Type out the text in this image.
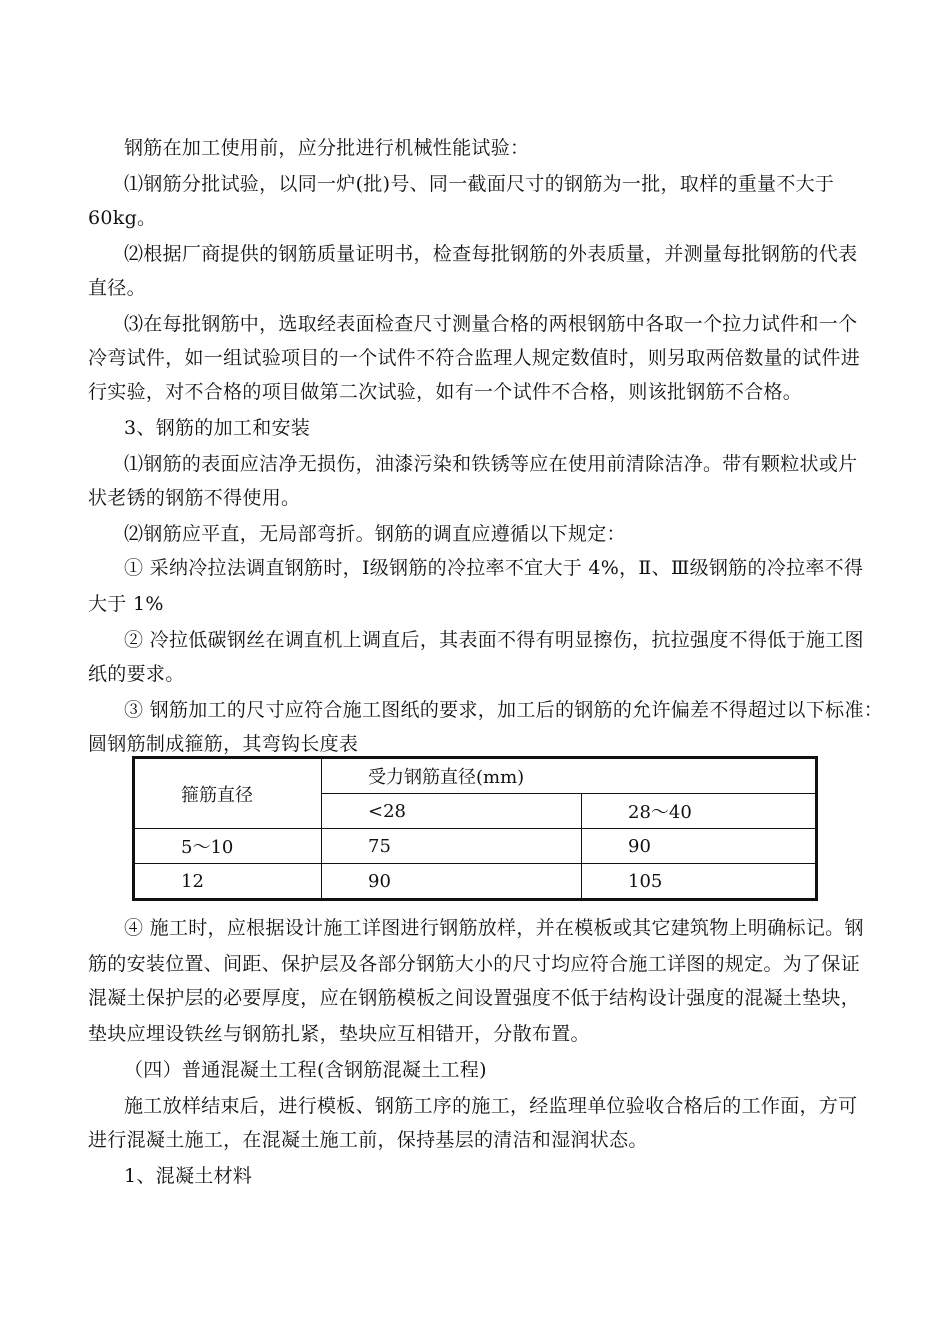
钢筋在加工使用前，应分批进行机械性能试验：
⑴钢筋分批试验，以同一炉(批)号、同一截面尺寸的钢筋为一批，取样的重量不大于
60kg。
⑵根据厂商提供的钢筋质量证明书，检查每批钢筋的外表质量，并测量每批钢筋的代表
直径。
⑶在每批钢筋中，选取经表面检查尺寸测量合格的两根钢筋中各取一个拉力试件和一个
冷弯试件，如一组试验项目的一个试件不符合监理人规定数值时，则另取两倍数量的试件进
行实验，对不合格的项目做第二次试验，如有一个试件不合格，则该批钢筋不合格。
3、钢筋的加工和安装
⑴钢筋的表面应洁净无损伤，油漆污染和铁锈等应在使用前清除洁净。带有颗粒状或片
状老锈的钢筋不得使用。
⑵钢筋应平直，无局部弯折。钢筋的调直应遵循以下规定：
① 采纳冷拉法调直钢筋时，Ⅰ级钢筋的冷拉率不宜大于 4%，Ⅱ、Ⅲ级钢筋的冷拉率不得
大于 1%
② 冷拉低碳钢丝在调直机上调直后，其表面不得有明显擦伤，抗拉强度不得低于施工图
纸的要求。
③ 钢筋加工的尺寸应符合施工图纸的要求，加工后的钢筋的允许偏差不得超过以下标准：
圆钢筋制成箍筋，其弯钩长度表
箍筋直径	受力钢筋直径(mm)	
	<28	28～40
5～10	75	90
12	90	105
④ 施工时，应根据设计施工详图进行钢筋放样，并在模板或其它建筑物上明确标记。钢
筋的安装位置、间距、保护层及各部分钢筋大小的尺寸均应符合施工详图的规定。为了保证
混凝土保护层的必要厚度，应在钢筋模板之间设置强度不低于结构设计强度的混凝土垫块，
垫块应埋设铁丝与钢筋扎紧，垫块应互相错开，分散布置。
（四）普通混凝土工程(含钢筋混凝土工程)
施工放样结束后，进行模板、钢筋工序的施工，经监理单位验收合格后的工作面，方可
进行混凝土施工，在混凝土施工前，保持基层的清洁和湿润状态。
1、混凝土材料
